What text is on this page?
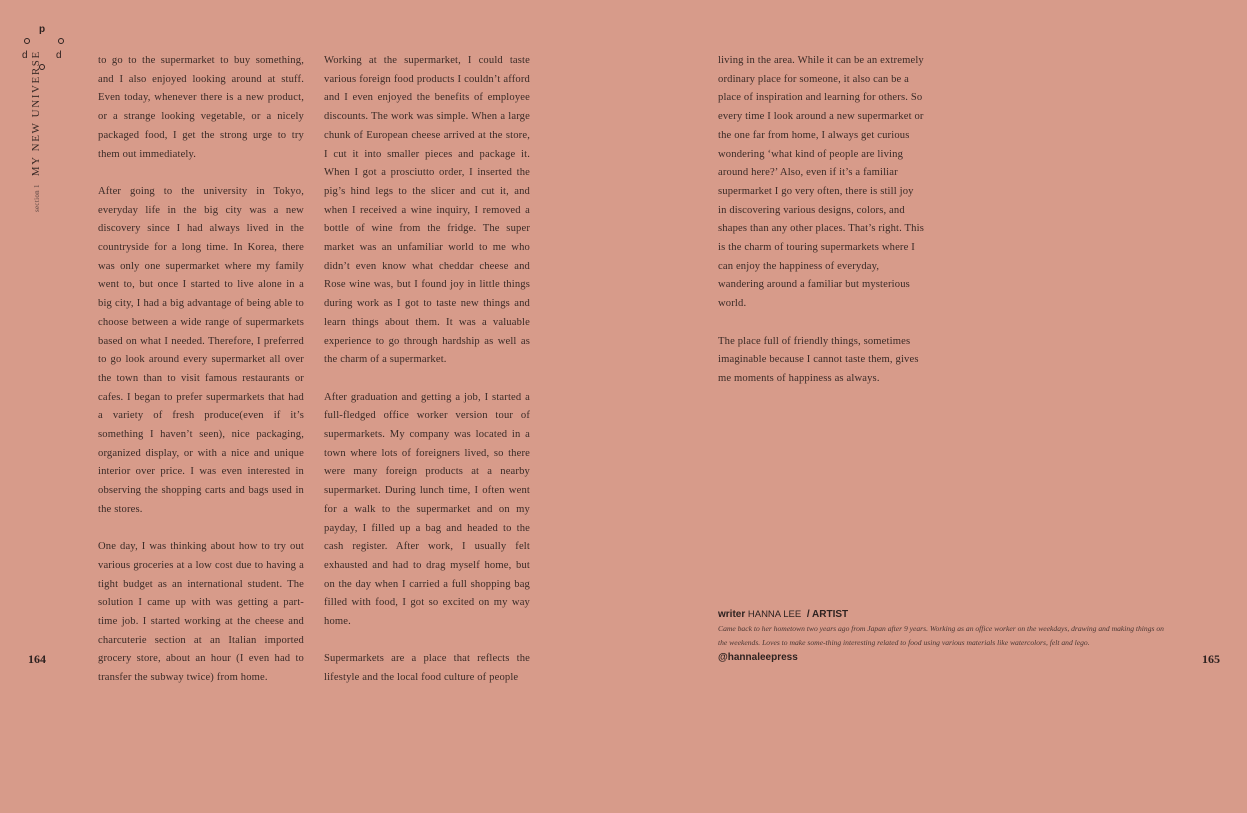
p
d	d
section 1 MY NEW UNIVERSE	to go to the supermarket to buy something, and I also enjoyed looking around at stuff. Even today, whenever there is a new product, or a strange looking vegetable, or a nicely packaged food, I get the strong urge to try them out immediately.

After going to the university in Tokyo, everyday life in the big city was a new discovery since I had always lived in the countryside for a long time. In Korea, there was only one supermarket where my family went to, but once I started to live alone in a big city, I had a big advantage of being able to choose between a wide range of supermarkets based on what I needed. Therefore, I preferred to go look around every supermarket all over the town than to visit famous restaurants or cafes. I began to prefer supermarkets that had a variety of fresh produce(even if it’s something I haven’t seen), nice packaging, organized display, or with a nice and unique interior over price. I was even interested in observing the shopping carts and bags used in the stores.

One day, I was thinking about how to try out various groceries at a low cost due to having a tight budget as an international student. The solution I came up with was getting a part-time job. I started working at the cheese and charcuterie section at an Italian imported grocery store, about an hour (I even had to transfer the subway twice) from home.

Working at the supermarket, I could taste various foreign food products I couldn’t afford and I even enjoyed the benefits of employee discounts. The work was simple. When a large chunk of European cheese arrived at the store, I cut it into smaller pieces and package it. When I got a prosciutto order, I inserted the pig’s hind legs to the slicer and cut it, and when I received a wine inquiry, I removed a bottle of wine from the fridge. The super market was an unfamiliar world to me who didn’t even know what cheddar cheese and Rose wine was, but I found joy in little things during work as I got to taste new things and learn things about them. It was a valuable experience to go through hardship as well as the charm of a supermarket.

After graduation and getting a job, I started a full-fledged office worker version tour of supermarkets. My company was located in a town where lots of foreigners lived, so there were many foreign products at a nearby supermarket. During lunch time, I often went for a walk to the supermarket and on my payday, I filled up a bag and headed to the cash register. After work, I usually felt exhausted and had to drag myself home, but on the day when I carried a full shopping bag filled with food, I got so excited on my way home.

Supermarkets are a place that reflects the lifestyle and the local food culture of people

living in the area. While it can be an extremely ordinary place for someone, it also can be a place of inspiration and learning for others. So every time I look around a new supermarket or the one far from home, I always get curious wondering ‘what kind of people are living around here?’ Also, even if it’s a familiar supermarket I go very often, there is still joy in discovering various designs, colors, and shapes than any other places. That’s right. This is the charm of touring supermarkets where I can enjoy the happiness of everyday, wandering around a familiar but mysterious world.

The place full of friendly things, sometimes imaginable because I cannot taste them, gives me moments of happiness as always.

164	165
writer HANNA LEE / ARTIST
Came back to her hometown two years ago from Japan after 9 years. Working as an office worker on the weekdays, drawing and making things on the weekends. Loves to make some-thing interesting related to food using various materials like watercolors, felt and lego. @hannaleepress
